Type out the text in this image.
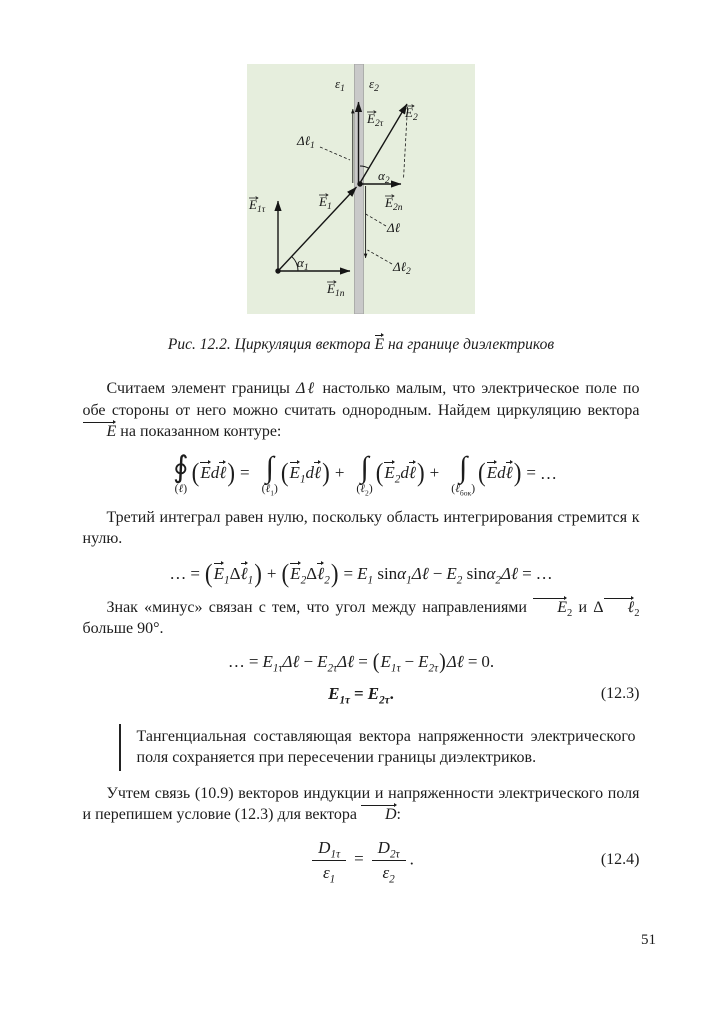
$\varepsilon_1$ $\varepsilon_2$
$E_{2\tau}$
$E_2$
Δℓ$_1$
$\alpha_2$
$E_1$	$E_{2n}$
$E_{1\tau}$
Δℓ
$\alpha_1$	Δℓ$_2$
$E_{1n}$
Рис. 12.2. Циркуляция вектора E на границе диэлектриков

Считаем элемент границы Δℓ настолько малым, что электрическое поле по обе стороны от него можно считать однородным. Найдем циркуляцию вектора E на показанном контуре:

∮
(ℓ)
(Edℓ) = ∫
(ℓ$_1$)
$(E_1d\ell)$ + ∫
(ℓ$_2$)
$(E_2d\ell)$ + ∫
(ℓ$_{бок}$)
(Edℓ) = …

Третий интеграл равен нулю, поскольку область интегрирования стремится к нулю.

… = $(E_1\Delta\ell_1)$ + $(E_2\Delta\ell_2) = E_1$ sinα$_1$Δℓ − $E_2$ sinα$_2$Δℓ = …

Знак «минус» связан с тем, что угол между направлениями $E_2$ и Δ ℓ$_2$ больше 90°.

… = $E_{1\tau}\Delta\ell$ − $E_{2\tau}\Delta\ell = (E_{1\tau}$ − $E_{2\tau})\Delta\ell = 0$.
$E_{1\tau} = E_{2\tau}$.	(12.3)

Тангенциальная составляющая вектора напряженности электрического поля сохраняется при пересечении границы диэлектриков.

Учтем связь (10.9) векторов индукции и напряженности электрического поля и перепишем условие (12.3) для вектора D:

$\frac{D_{1\tau}}{\varepsilon_1} = \frac{D_{2\tau}}{\varepsilon_2}$ .	(12.4)
51
